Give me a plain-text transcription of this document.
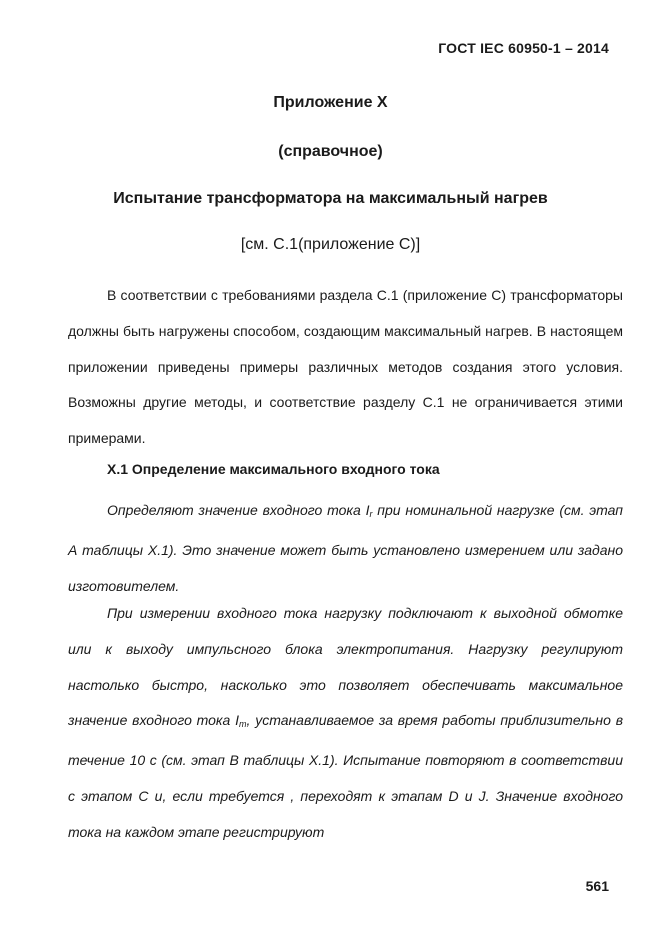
ГОСТ IEC 60950-1 – 2014
Приложение X
(справочное)
Испытание трансформатора на максимальный нагрев
[см. С.1(приложение С)]

В соответствии с требованиями раздела С.1 (приложение С) трансформаторы должны быть нагружены способом, создающим максимальный нагрев. В настоящем приложении приведены примеры различных методов создания этого условия. Возможны другие методы, и соответствие разделу С.1 не ограничивается этими примерами.

Х.1 Определение максимального входного тока

Определяют значение входного тока $I_r$ при номинальной нагрузке (см. этап А таблицы Х.1). Это значение может быть установлено измерением или задано изготовителем.

При измерении входного тока нагрузку подключают к выходной обмотке или к выходу импульсного блока электропитания. Нагрузку регулируют настолько быстро, насколько это позволяет обеспечивать максимальное значение входного тока $I_m$, устанавливаемое за время работы приблизительно в течение 10 с (см. этап В таблицы Х.1). Испытание повторяют в соответствии с этапом С и, если требуется , переходят к этапам D и J. Значение входного тока на каждом этапе регистрируют

561
